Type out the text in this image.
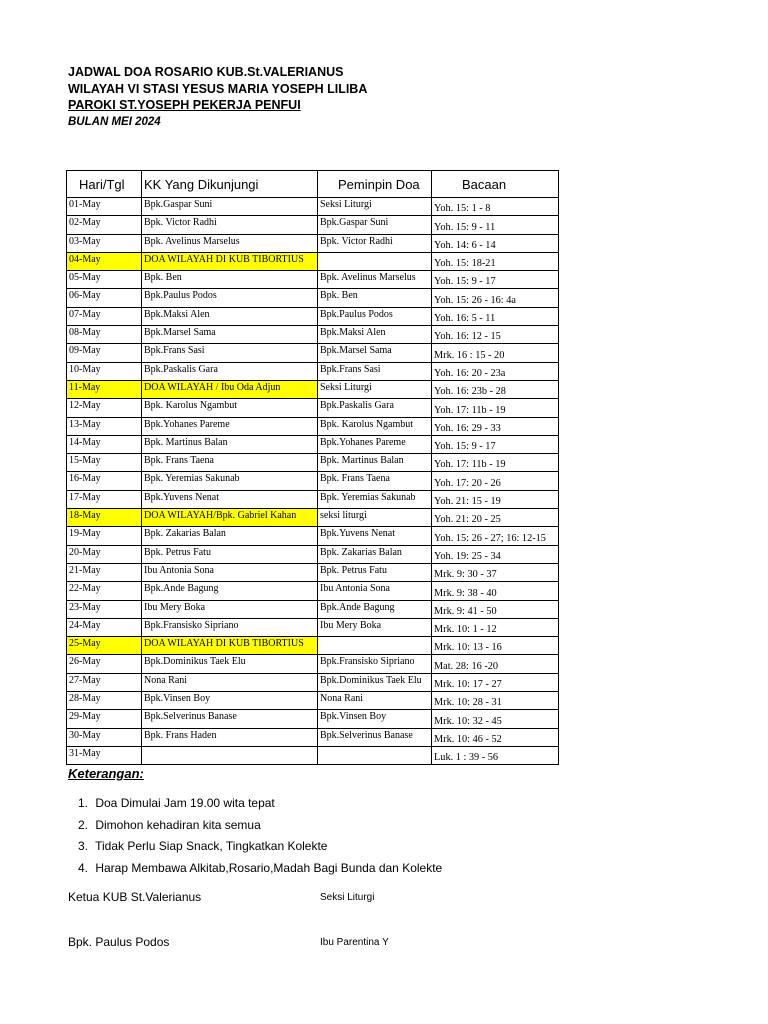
JADWAL DOA ROSARIO KUB.St.VALERIANUS
WILAYAH VI STASI YESUS MARIA YOSEPH LILIBA
PAROKI ST.YOSEPH PEKERJA PENFUI
BULAN MEI 2024
Hari/Tgl	KK Yang Dikunjungi	Peminpin Doa	Bacaan
01-May	Bpk.Gaspar Suni	Seksi Liturgi	Yoh. 15: 1 - 8
02-May	Bpk. Victor Radhi	Bpk.Gaspar Suni	Yoh. 15: 9 - 11
03-May	Bpk. Avelinus Marselus	Bpk. Victor Radhi	Yoh. 14: 6 - 14
04-May	DOA WILAYAH DI KUB TIBORTIUS		Yoh. 15: 18-21
05-May	Bpk. Ben	Bpk. Avelinus Marselus	Yoh. 15: 9 - 17
06-May	Bpk.Paulus Podos	Bpk. Ben	Yoh. 15: 26 - 16: 4a
07-May	Bpk.Maksi Alen	Bpk.Paulus Podos	Yoh. 16: 5 - 11
08-May	Bpk.Marsel Sama	Bpk.Maksi Alen	Yoh. 16: 12 - 15
09-May	Bpk.Frans Sasi	Bpk.Marsel Sama	Mrk. 16 : 15 - 20
10-May	Bpk.Paskalis Gara	Bpk.Frans Sasi	Yoh. 16: 20 - 23a
11-May	DOA WILAYAH / Ibu Oda Adjun	Seksi Liturgi	Yoh. 16: 23b - 28
12-May	Bpk. Karolus Ngambut	Bpk.Paskalis Gara	Yoh. 17: 11b - 19
13-May	Bpk.Yohanes Pareme	Bpk. Karolus Ngambut	Yoh. 16: 29 - 33
14-May	Bpk. Martinus Balan	Bpk.Yohanes Pareme	Yoh. 15: 9 - 17
15-May	Bpk. Frans Taena	Bpk. Martinus Balan	Yoh. 17: 11b - 19
16-May	Bpk. Yeremias Sakunab	Bpk. Frans Taena	Yoh. 17: 20 - 26
17-May	Bpk.Yuvens Nenat	Bpk. Yeremias Sakunab	Yoh. 21: 15 - 19
18-May	DOA WILAYAH/Bpk. Gabriel Kahan	seksi liturgi	Yoh. 21: 20 - 25
19-May	Bpk. Zakarias Balan	Bpk.Yuvens Nenat	Yoh. 15: 26 - 27; 16: 12-15
20-May	Bpk. Petrus Fatu	Bpk. Zakarias Balan	Yoh. 19: 25 - 34
21-May	Ibu Antonia Sona	Bpk. Petrus Fatu	Mrk. 9: 30 - 37
22-May	Bpk.Ande Bagung	Ibu Antonia Sona	Mrk. 9: 38 - 40
23-May	Ibu Mery Boka	Bpk.Ande Bagung	Mrk. 9: 41 - 50
24-May	Bpk.Fransisko Sipriano	Ibu Mery Boka	Mrk. 10: 1 - 12
25-May	DOA WILAYAH DI KUB TIBORTIUS		Mrk. 10: 13 - 16
26-May	Bpk.Dominikus Taek Elu	Bpk.Fransisko Sipriano	Mat. 28: 16 -20
27-May	Nona Rani	Bpk.Dominikus Taek Elu	Mrk. 10: 17 - 27
28-May	Bpk.Vinsen Boy	Nona Rani	Mrk. 10: 28 - 31
29-May	Bpk.Selverinus Banase	Bpk.Vinsen Boy	Mrk. 10: 32 - 45
30-May	Bpk. Frans Haden	Bpk.Selverinus Banase	Mrk. 10: 46 - 52
31-May			Luk. 1 : 39 - 56
Keterangan:
1. Doa Dimulai Jam 19.00 wita tepat
2. Dimohon kehadiran kita semua
3. Tidak Perlu Siap Snack, Tingkatkan Kolekte
4. Harap Membawa Alkitab,Rosario,Madah Bagi Bunda dan Kolekte
Ketua KUB St.Valerianus
Bpk. Paulus Podos
Seksi Liturgi
Ibu Parentina Y
